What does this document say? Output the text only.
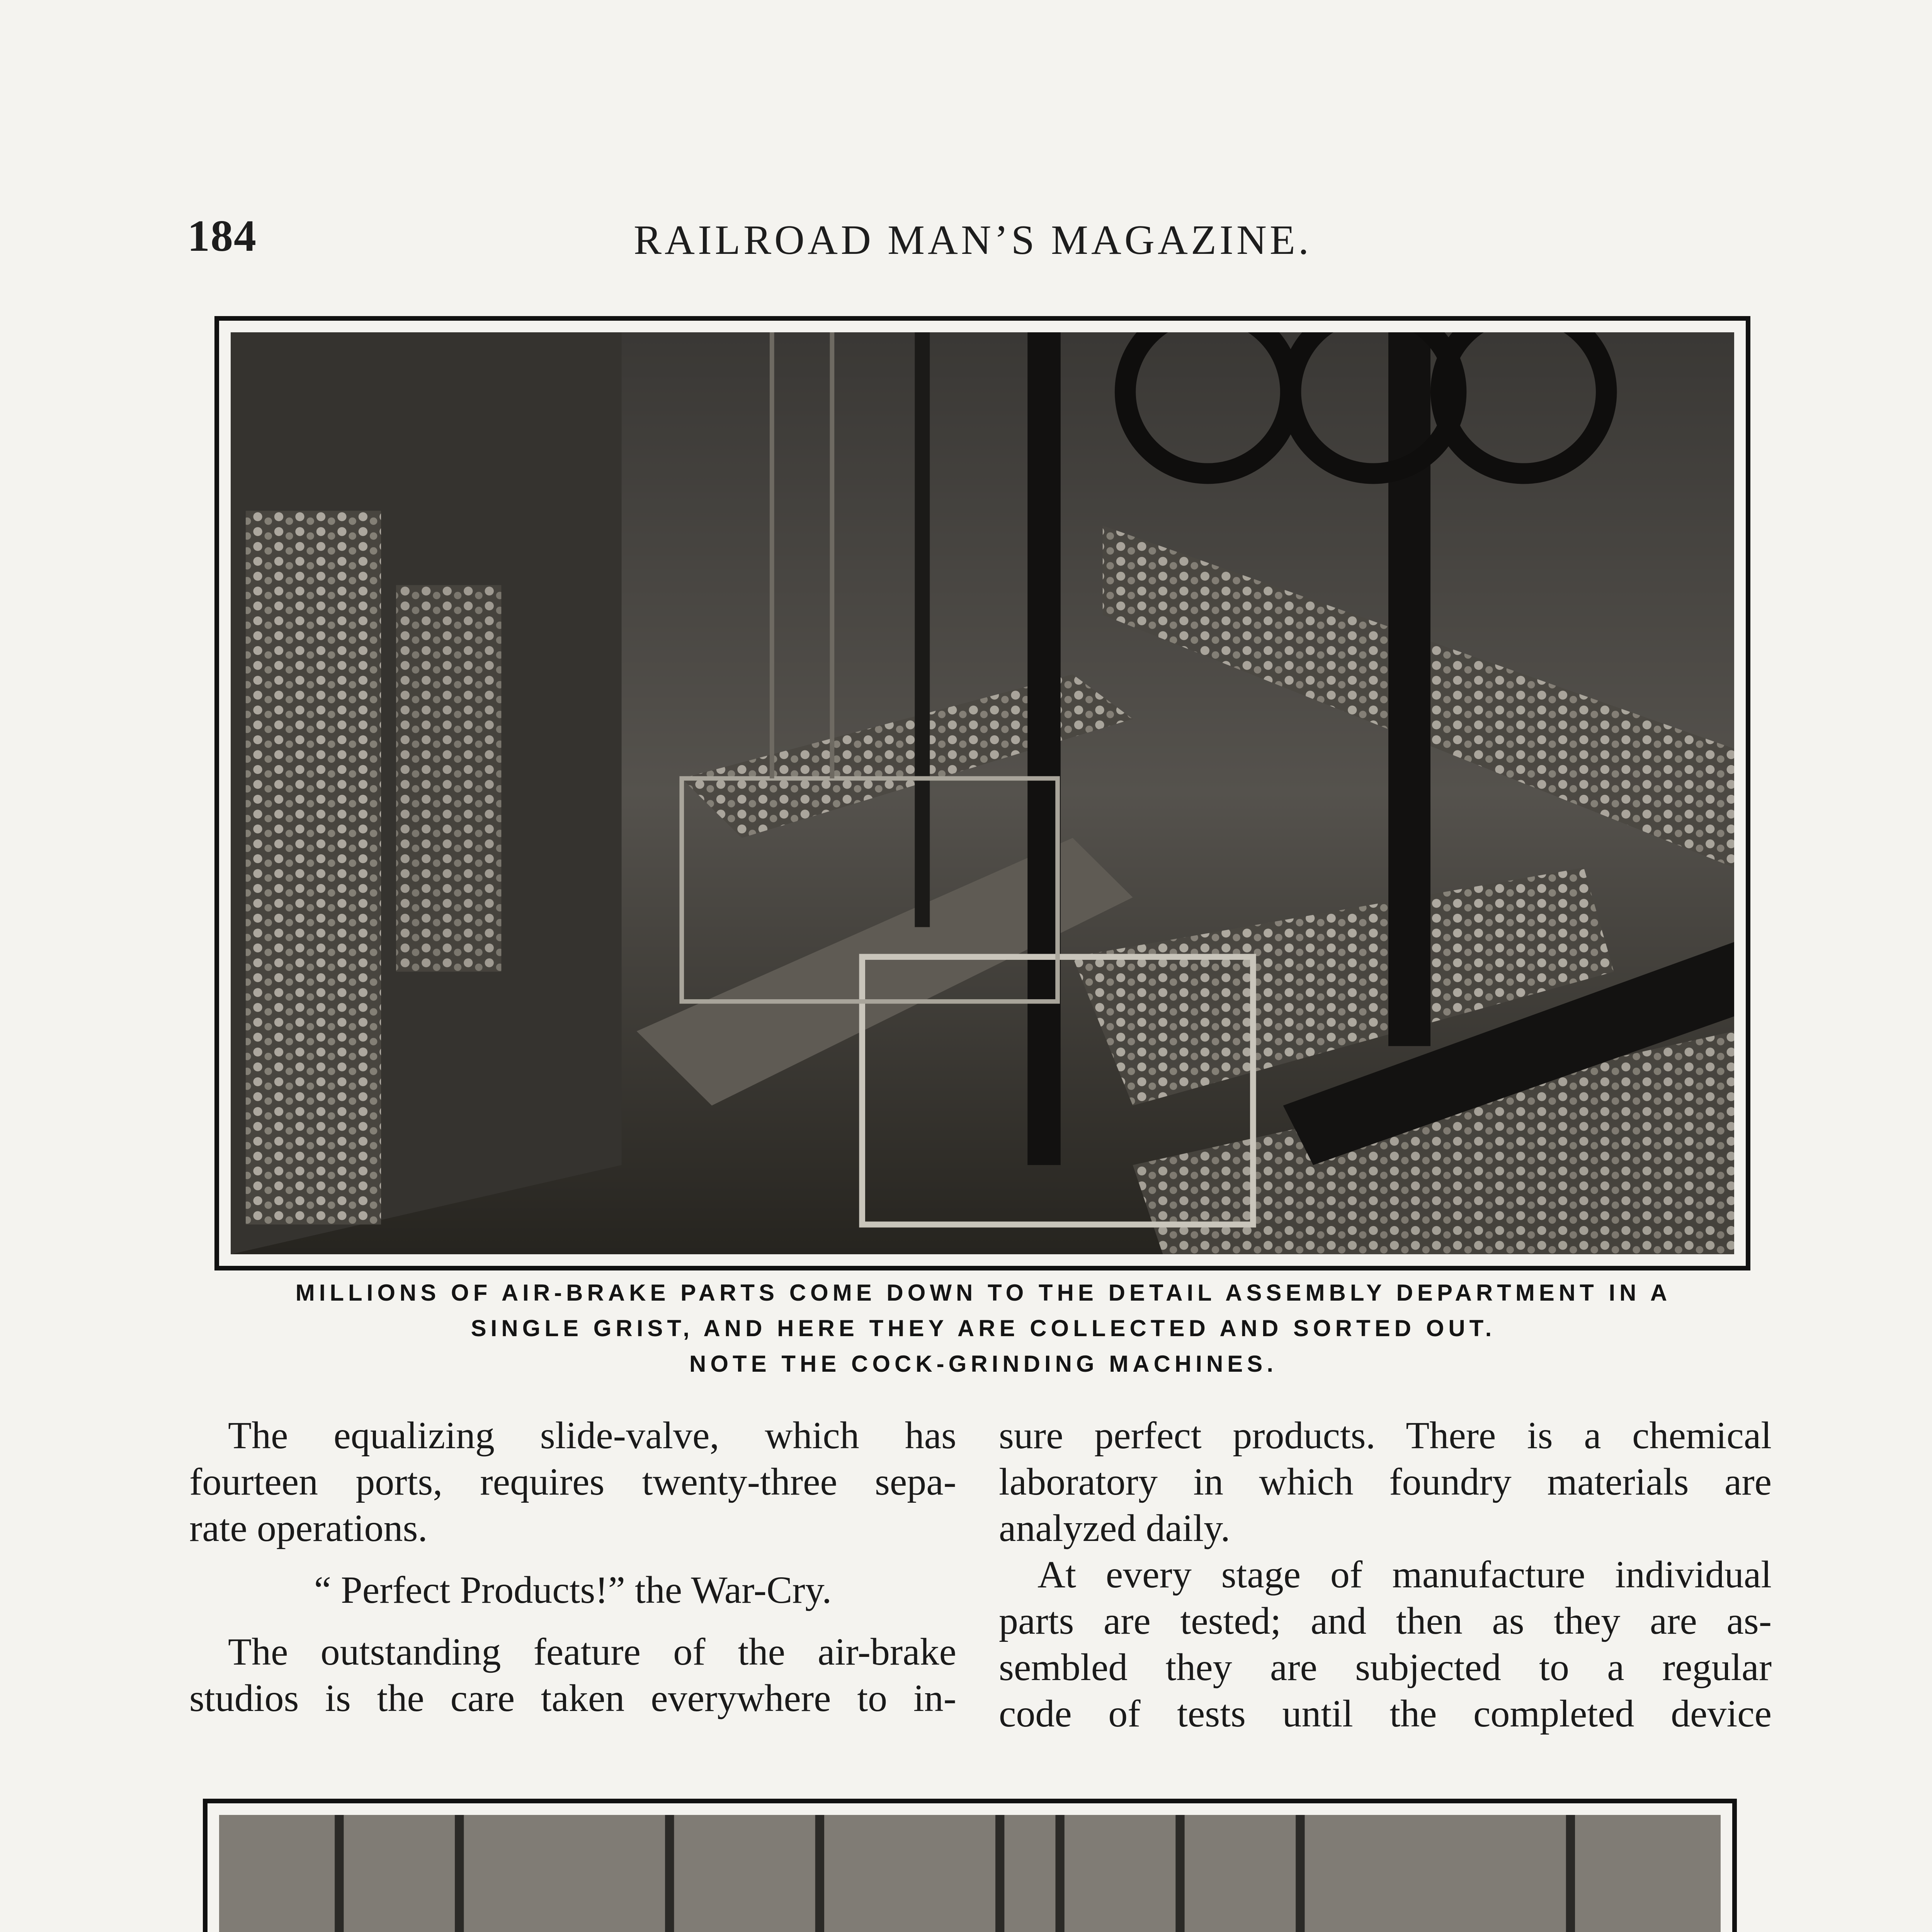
184	RAILROAD MAN’S MAGAZINE.
MILLIONS OF AIR-BRAKE PARTS COME DOWN TO THE DETAIL ASSEMBLY DEPARTMENT IN A
SINGLE GRIST, AND HERE THEY ARE COLLECTED AND SORTED OUT.
NOTE THE COCK-GRINDING MACHINES.
The equalizing slide-valve, which has
fourteen ports, requires twenty-three sepa-
rate operations.
“ Perfect Products!” the War-Cry.
The outstanding feature of the air-brake
studios is the care taken everywhere to in-
sure perfect products. There is a chemical
laboratory in which foundry materials are
analyzed daily.
At every stage of manufacture individual
parts are tested; and then as they are as-
sembled they are subjected to a regular
code of tests until the completed device
